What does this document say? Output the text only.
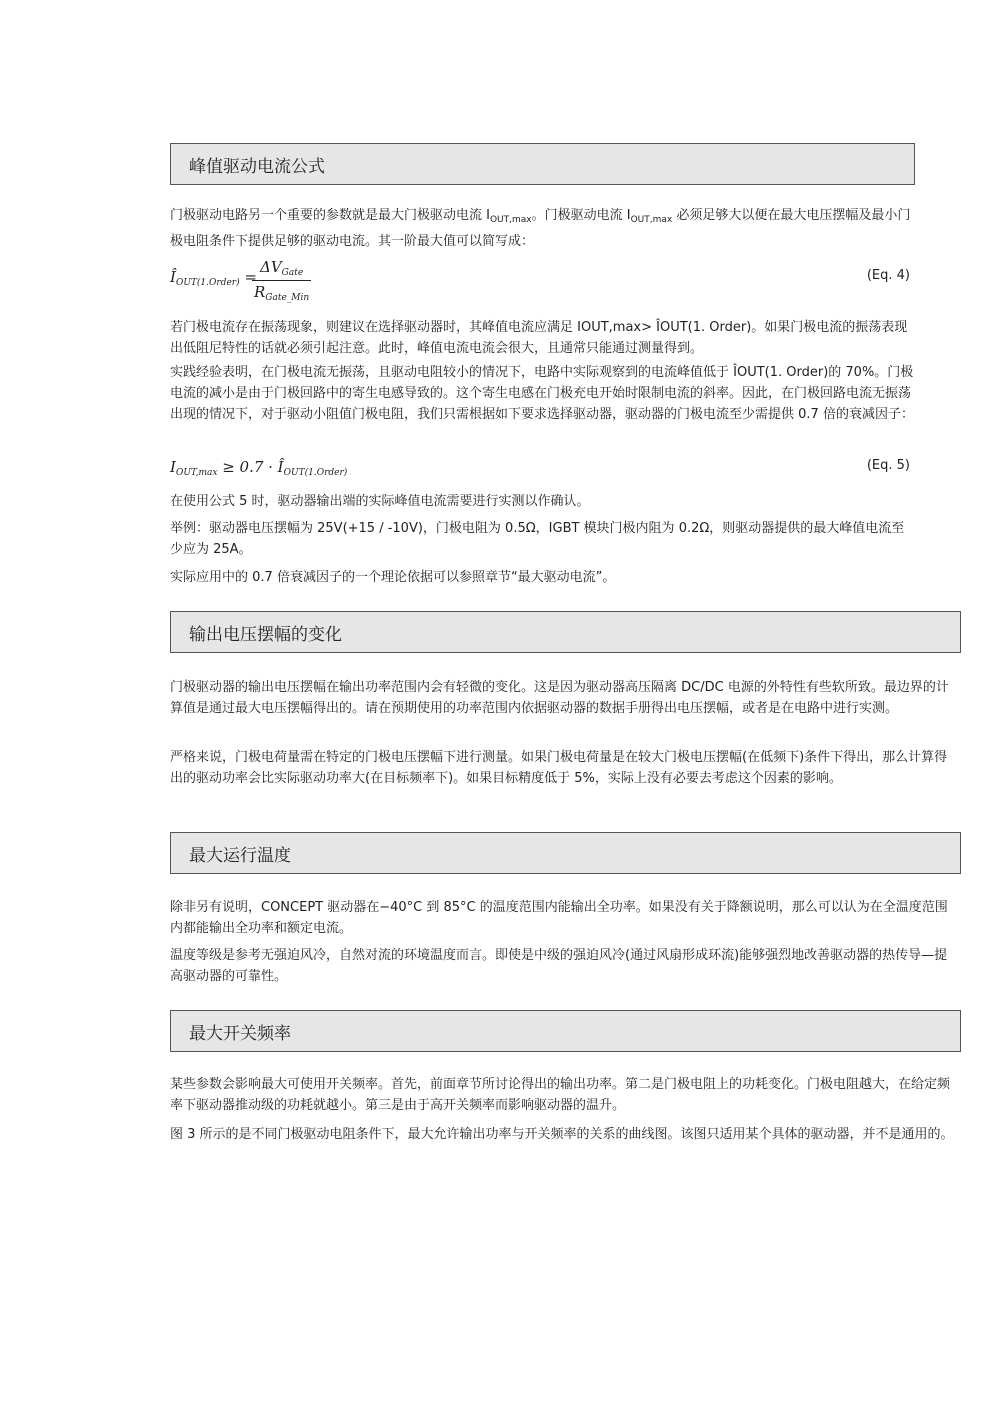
峰值驱动电流公式

门极驱动电路另一个重要的参数就是最大门极驱动电流 $I_{OUT,max}$。门极驱动电流 $I_{OUT,max}$ 必须足够大以便在最大电压摆幅及最小门极电阻条件下提供足够的驱动电流。其一阶最大值可以简写成：

$Î_{OUT(1.Order)}$ =
$\Delta V_{Gate}$
$R_{Gate\_Min}$
(Eq. 4)

若门极电流存在振荡现象，则建议在选择驱动器时，其峰值电流应满足 IOUT,max> ÎOUT(1. Order)。如果门极电流的振荡表现出低阻尼特性的话就必须引起注意。此时，峰值电流电流会很大，且通常只能通过测量得到。

实践经验表明，在门极电流无振荡，且驱动电阻较小的情况下，电路中实际观察到的电流峰值低于 ÎOUT(1. Order)的 70%。门极电流的减小是由于门极回路中的寄生电感导致的。这个寄生电感在门极充电开始时限制电流的斜率。因此，在门极回路电流无振荡出现的情况下，对于驱动小阻值门极电阻，我们只需根据如下要求选择驱动器，驱动器的门极电流至少需提供 0.7 倍的衰减因子：

$I_{OUT,max} \ge 0.7$ · $Î_{OUT(1.Order)}$	(Eq. 5)

在使用公式 5 时，驱动器输出端的实际峰值电流需要进行实测以作确认。

举例：驱动器电压摆幅为 25V(+15 / -10V)，门极电阻为 0.5Ω，IGBT 模块门极内阻为 0.2Ω，则驱动器提供的最大峰值电流至少应为 25A。

实际应用中的 0.7 倍衰减因子的一个理论依据可以参照章节“最大驱动电流”。

输出电压摆幅的变化

门极驱动器的输出电压摆幅在输出功率范围内会有轻微的变化。这是因为驱动器高压隔离 DC/DC 电源的外特性有些软所致。最边界的计算值是通过最大电压摆幅得出的。请在预期使用的功率范围内依据驱动器的数据手册得出电压摆幅，或者是在电路中进行实测。

严格来说，门极电荷量需在特定的门极电压摆幅下进行测量。如果门极电荷量是在较大门极电压摆幅(在低频下)条件下得出，那么计算得出的驱动功率会比实际驱动功率大(在目标频率下)。如果目标精度低于 5%，实际上没有必要去考虑这个因素的影响。

最大运行温度

除非另有说明，CONCEPT 驱动器在−40°C 到 85°C 的温度范围内能输出全功率。如果没有关于降额说明，那么可以认为在全温度范围内都能输出全功率和额定电流。

温度等级是参考无强迫风冷，自然对流的环境温度而言。即使是中级的强迫风冷(通过风扇形成环流)能够强烈地改善驱动器的热传导—提高驱动器的可靠性。

最大开关频率

某些参数会影响最大可使用开关频率。首先，前面章节所讨论得出的输出功率。第二是门极电阻上的功耗变化。门极电阻越大，在给定频率下驱动器推动级的功耗就越小。第三是由于高开关频率而影响驱动器的温升。

图 3 所示的是不同门极驱动电阻条件下，最大允许输出功率与开关频率的关系的曲线图。该图只适用某个具体的驱动器，并不是通用的。
